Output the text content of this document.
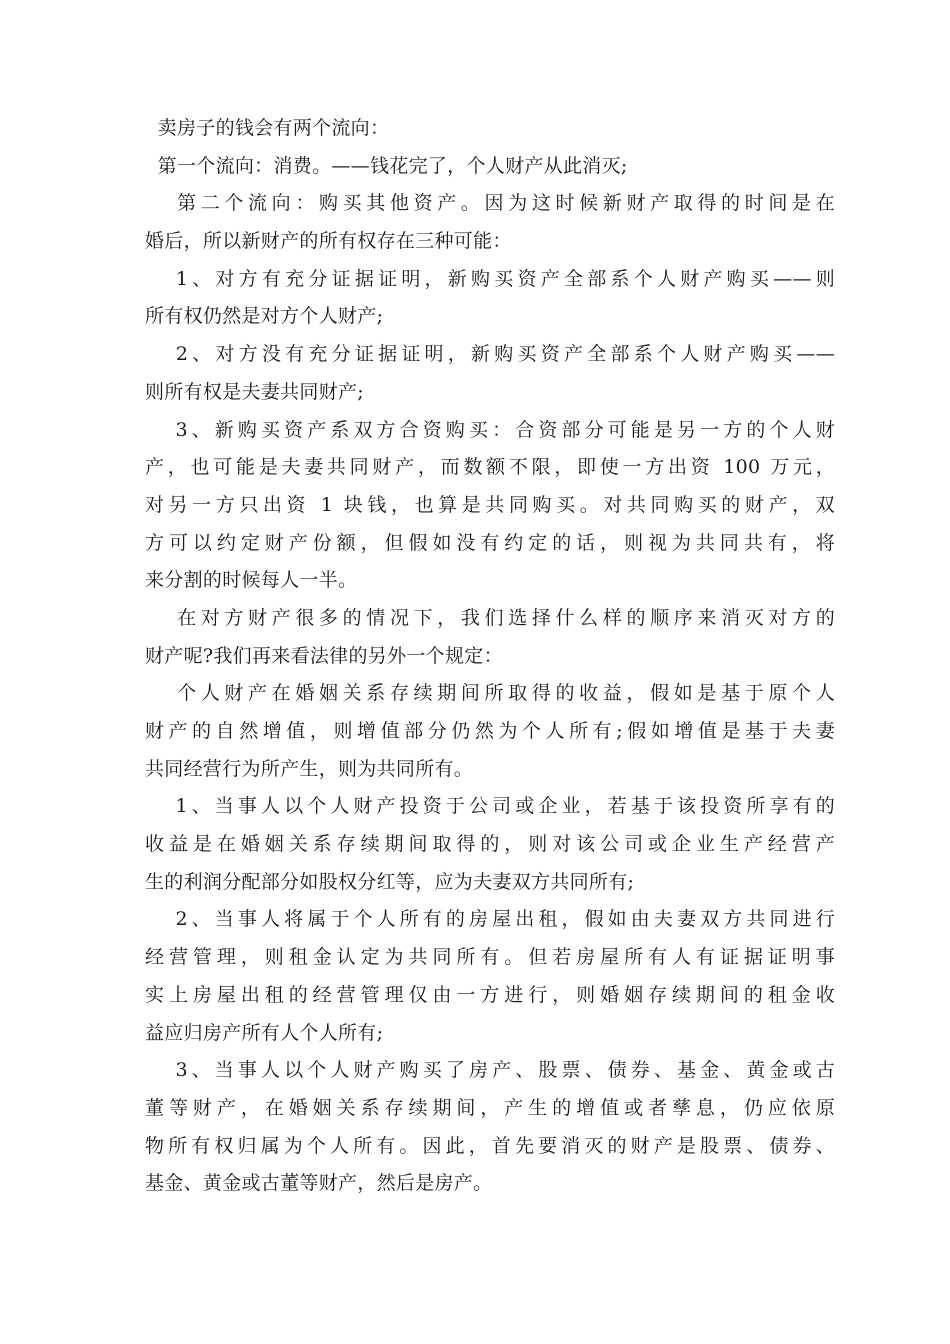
卖房子的钱会有两个流向：
第一个流向：消费。——钱花完了，个人财产从此消灭;
第二个流向：购买其他资产。因为这时候新财产取得的时间是在
婚后，所以新财产的所有权存在三种可能：
1、对方有充分证据证明，新购买资产全部系个人财产购买——则
所有权仍然是对方个人财产;
2、对方没有充分证据证明，新购买资产全部系个人财产购买——
则所有权是夫妻共同财产;
3、新购买资产系双方合资购买：合资部分可能是另一方的个人财
产，也可能是夫妻共同财产，而数额不限，即使一方出资 100 万元，
对另一方只出资 1 块钱，也算是共同购买。对共同购买的财产，双
方可以约定财产份额，但假如没有约定的话，则视为共同共有，将
来分割的时候每人一半。
在对方财产很多的情况下，我们选择什么样的顺序来消灭对方的
财产呢?我们再来看法律的另外一个规定：
个人财产在婚姻关系存续期间所取得的收益，假如是基于原个人
财产的自然增值，则增值部分仍然为个人所有;假如增值是基于夫妻
共同经营行为所产生，则为共同所有。
1、当事人以个人财产投资于公司或企业，若基于该投资所享有的
收益是在婚姻关系存续期间取得的，则对该公司或企业生产经营产
生的利润分配部分如股权分红等，应为夫妻双方共同所有;
2、当事人将属于个人所有的房屋出租，假如由夫妻双方共同进行
经营管理，则租金认定为共同所有。但若房屋所有人有证据证明事
实上房屋出租的经营管理仅由一方进行，则婚姻存续期间的租金收
益应归房产所有人个人所有;
3、当事人以个人财产购买了房产、股票、债券、基金、黄金或古
董等财产，在婚姻关系存续期间，产生的增值或者孳息，仍应依原
物所有权归属为个人所有。因此，首先要消灭的财产是股票、债券、
基金、黄金或古董等财产，然后是房产。
